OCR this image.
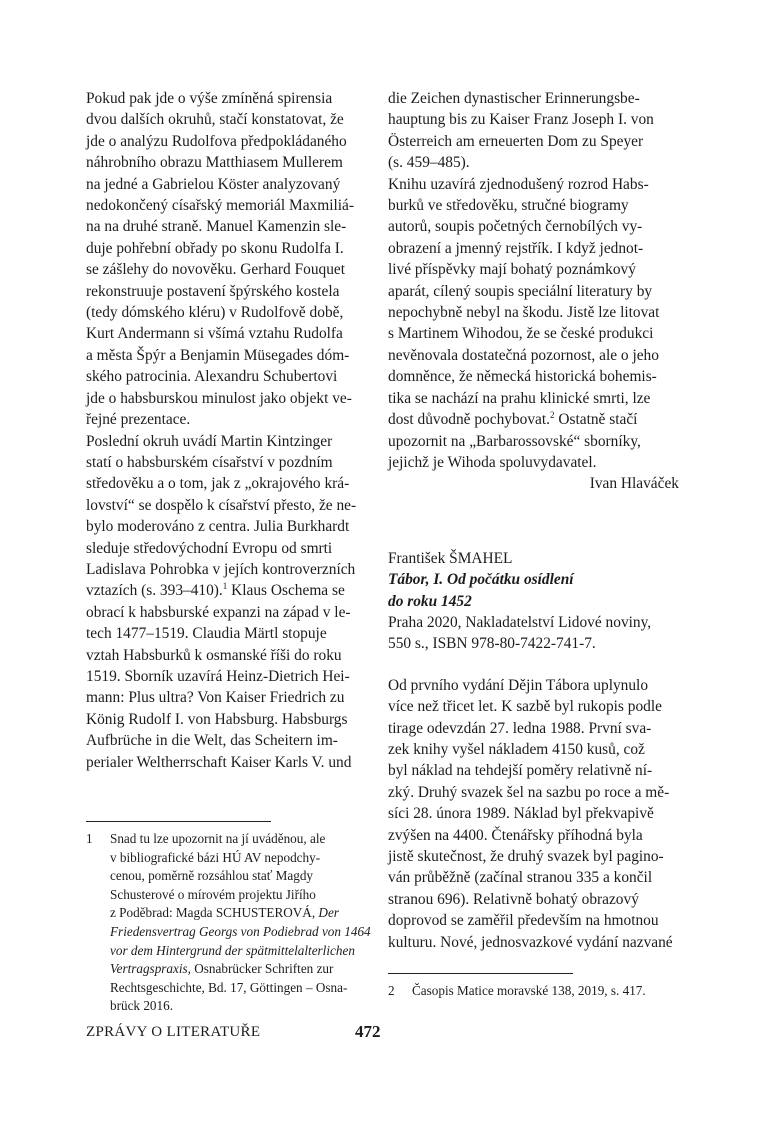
Pokud pak jde o výše zmíněná spirensia
dvou dalších okruhů, stačí konstatovat, že
jde o analýzu Rudolfova předpokládaného
náhrobního obrazu Matthiasem Mullerem
na jedné a Gabrielou Köster analyzovaný
nedokončený císařský memoriál Maxmiliá-
na na druhé straně. Manuel Kamenzin sle-
duje pohřební obřady po skonu Rudolfa I.
se zášlehy do novověku. Gerhard Fouquet
rekonstruuje postavení špýrského kostela
(tedy dómského kléru) v Rudolfově době,
Kurt Andermann si všímá vztahu Rudolfa
a města Špýr a Benjamin Müsegades dóm-
ského patrocinia. Alexandru Schubertovi
jde o habsburskou minulost jako objekt ve-
řejné prezentace.

Poslední okruh uvádí Martin Kintzinger
statí o habsburském císařství v pozdním
středověku a o tom, jak z „okrajového krá-
lovství“ se dospělo k císařství přesto, že ne-
bylo moderováno z centra. Julia Burkhardt
sleduje středovýchodní Evropu od smrti
Ladislava Pohrobka v jejích kontroverzních
vztazích (s. 393–410).$^1$ Klaus Oschema se
obrací k habsburské expanzi na západ v le-
tech 1477–1519. Claudia Märtl stopuje
vztah Habsburků k osmanské říši do roku
1519. Sborník uzavírá Heinz-Dietrich Hei-
mann: Plus ultra? Von Kaiser Friedrich zu
König Rudolf I. von Habsburg. Habsburgs
Aufbrüche in die Welt, das Scheitern im-
perialer Weltherrschaft Kaiser Karls V. und

1	Snad tu lze upozornit na jí uváděnou, ale
v bibliografické bázi HÚ AV nepodchy-
cenou, poměrně rozsáhlou stať Magdy
Schusterové o mírovém projektu Jiřího
z Poděbrad: Magda SCHUSTEROVÁ, Der
Friedensvertrag Georgs von Podiebrad von 1464
vor dem Hintergrund der spätmittelalterlichen
Vertragspraxis, Osnabrücker Schriften zur
Rechtsgeschichte, Bd. 17, Göttingen – Osna-
brück 2016.

die Zeichen dynastischer Erinnerungsbe-
hauptung bis zu Kaiser Franz Joseph I. von
Österreich am erneuerten Dom zu Speyer
(s. 459–485).

Knihu uzavírá zjednodušený rozrod Habs-
burků ve středověku, stručné biogramy
autorů, soupis početných černobílých vy-
obrazení a jmenný rejstřík. I když jednot-
livé příspěvky mají bohatý poznámkový
aparát, cílený soupis speciální literatury by
nepochybně nebyl na škodu. Jistě lze litovat
s Martinem Wihodou, že se české produkci
nevěnovala dostatečná pozornost, ale o jeho
domněnce, že německá historická bohemis-
tika se nachází na prahu klinické smrti, lze
dost důvodně pochybovat.$^2$ Ostatně stačí
upozornit na „Barbarossovské“ sborníky,
jejichž je Wihoda spoluvydavatel.

Ivan Hlaváček

František ŠMAHEL
Tábor, I. Od počátku osídlení
do roku 1452
Praha 2020, Nakladatelství Lidové noviny,
550 s., ISBN 978-80-7422-741-7.

Od prvního vydání Dějin Tábora uplynulo
více než třicet let. K sazbě byl rukopis podle
tirage odevzdán 27. ledna 1988. První sva-
zek knihy vyšel nákladem 4150 kusů, což
byl náklad na tehdejší poměry relativně ní-
zký. Druhý svazek šel na sazbu po roce a mě-
síci 28. února 1989. Náklad byl překvapivě
zvýšen na 4400. Čtenářsky příhodná byla
jistě skutečnost, že druhý svazek byl pagino-
ván průběžně (začínal stranou 335 a končil
stranou 696). Relativně bohatý obrazový
doprovod se zaměřil především na hmotnou
kulturu. Nové, jednosvazkové vydání nazvané

2	Časopis Matice moravské 138, 2019, s. 417.
ZPRÁVY O LITERATUŘE	472
